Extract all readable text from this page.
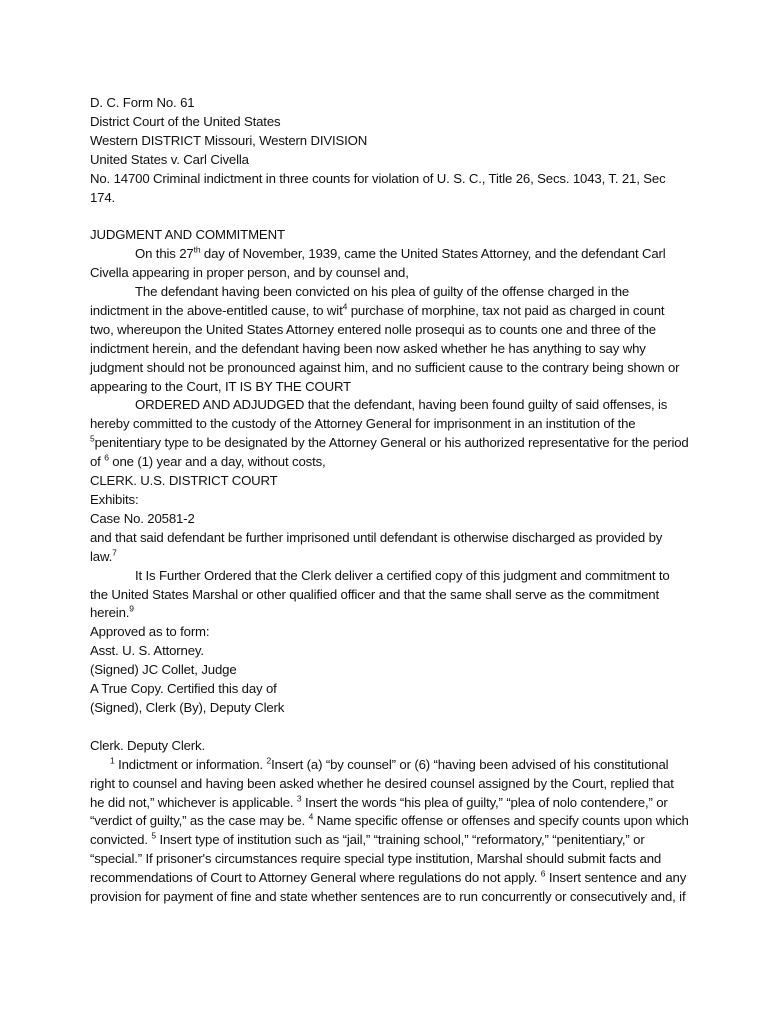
D. C. Form No. 61

District Court of the United States

Western DISTRICT Missouri, Western DIVISION

United States v. Carl Civella

No. 14700 Criminal indictment in three counts for violation of U. S. C., Title 26, Secs. 1043, T. 21, Sec 174.

JUDGMENT AND COMMITMENT

On this 27th day of November, 1939, came the United States Attorney, and the defendant Carl Civella appearing in proper person, and by counsel and,

The defendant having been convicted on his plea of guilty of the offense charged in the indictment in the above-entitled cause, to wit$^4$ purchase of morphine, tax not paid as charged in count two, whereupon the United States Attorney entered nolle prosequi as to counts one and three of the indictment herein, and the defendant having been now asked whether he has anything to say why judgment should not be pronounced against him, and no sufficient cause to the contrary being shown or appearing to the Court, IT IS BY THE COURT

ORDERED AND ADJUDGED that the defendant, having been found guilty of said offenses, is hereby committed to the custody of the Attorney General for imprisonment in an institution of the $^5$penitentiary type to be designated by the Attorney General or his authorized representative for the period of $^6$ one (1) year and a day, without costs,

CLERK. U.S. DISTRICT COURT

Exhibits:

Case No. 20581-2

and that said defendant be further imprisoned until defendant is otherwise discharged as provided by law.$^7$

It Is Further Ordered that the Clerk deliver a certified copy of this judgment and commitment to the United States Marshal or other qualified officer and that the same shall serve as the commitment herein.$^9$

Approved as to form:

Asst. U. S. Attorney.

(Signed) JC Collet, Judge

A True Copy. Certified this day of

(Signed), Clerk (By), Deputy Clerk

Clerk. Deputy Clerk.

$^1$ Indictment or information. $^2$Insert (a) “by counsel” or (6) “having been advised of his constitutional right to counsel and having been asked whether he desired counsel assigned by the Court, replied that he did not,” whichever is applicable. $^3$ Insert the words “his plea of guilty,” “plea of nolo contendere,” or “verdict of guilty,” as the case may be. $^4$ Name specific offense or offenses and specify counts upon which convicted. $^5$ Insert type of institution such as “jail,” “training school,” “reformatory,” “penitentiary,” or “special.” If prisoner's circumstances require special type institution, Marshal should submit facts and recommendations of Court to Attorney General where regulations do not apply. $^6$ Insert sentence and any provision for payment of fine and state whether sentences are to run concurrently or consecutively and, if
